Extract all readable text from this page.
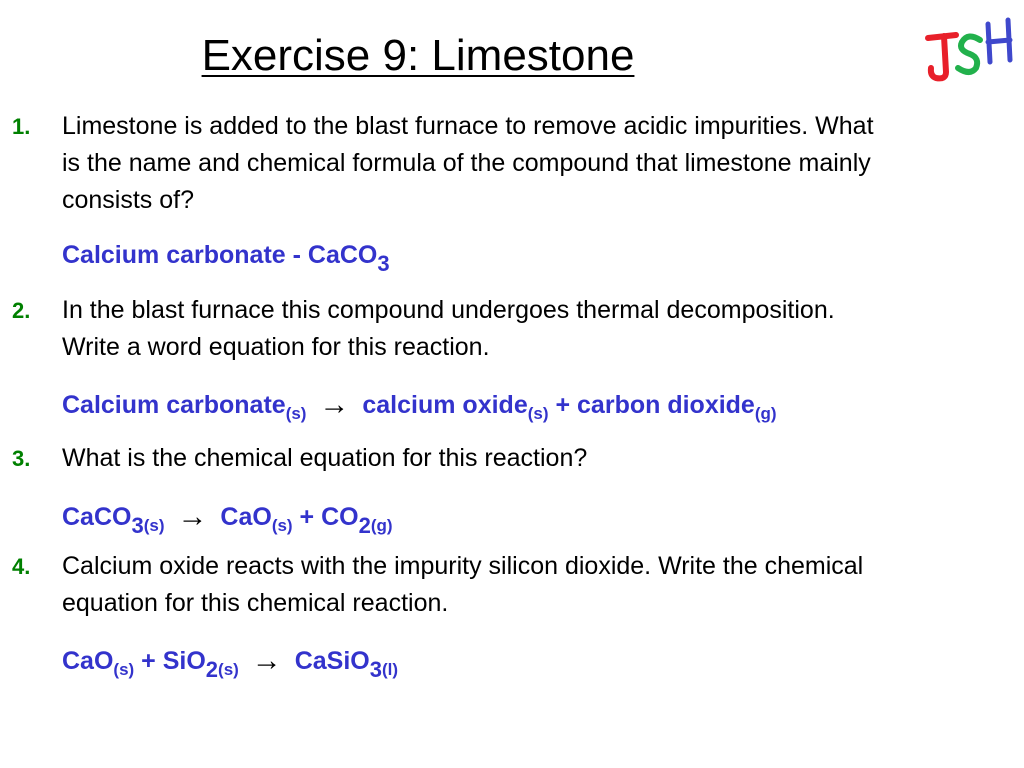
Exercise 9: Limestone
1. Limestone is added to the blast furnace to remove acidic impurities. What is the name and chemical formula of the compound that limestone mainly consists of?

Calcium carbonate - CaCO$_3$
2. In the blast furnace this compound undergoes thermal decomposition. Write a word equation for this reaction.

Calcium carbonate$_{(s)}$ → calcium oxide$_{(s)}$ + carbon dioxide$_{(g)}$
3. What is the chemical equation for this reaction?

CaCO$_{3(s)}$ → $CaO_{(s)} + CO_{2(g)}$
4. Calcium oxide reacts with the impurity silicon dioxide. Write the chemical equation for this chemical reaction.

CaO$_{(s)}$ + SiO$_{2(s)}$ → CaSiO$_{3(l)}$
